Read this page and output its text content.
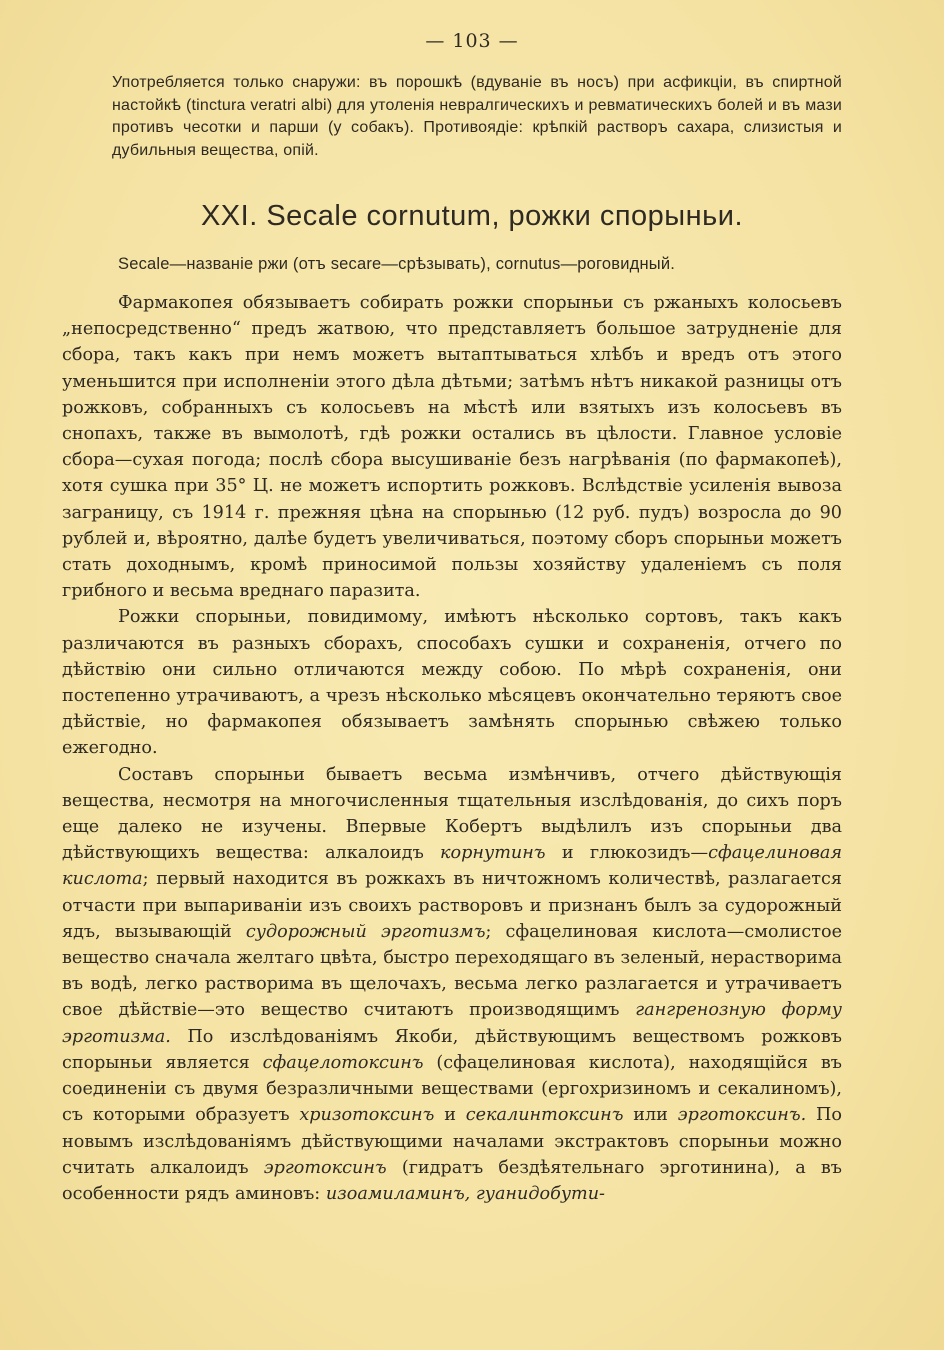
— 103 —
Употребляется только снаружи: въ порошкѣ (вдуваніе въ носъ) при асфикціи, въ спиртной настойкѣ (tinctura veratri albi) для утоленія невралгическихъ и ревматическихъ болей и въ мази противъ чесотки и парши (у собакъ). Противоядіе: крѣпкій растворъ сахара, слизистыя и дубильныя вещества, опій.
XXI. Secale cornutum, рожки спорыньи.
Secale—названіе ржи (отъ secare—срѣзывать), cornutus—роговидный.

Фармакопея обязываетъ собирать рожки спорыньи съ ржаныхъ колосьевъ „непосредственно“ предъ жатвою, что представляетъ большое затрудненіе для сбора, такъ какъ при немъ можетъ вытаптываться хлѣбъ и вредъ отъ этого уменьшится при исполненіи этого дѣла дѣтьми; затѣмъ нѣтъ никакой разницы отъ рожковъ, собранныхъ съ колосьевъ на мѣстѣ или взятыхъ изъ колосьевъ въ снопахъ, также въ вымолотѣ, гдѣ рожки остались въ цѣлости. Главное условіе сбора—сухая погода; послѣ сбора высушиваніе безъ нагрѣванія (по фармакопеѣ), хотя сушка при 35° Ц. не можетъ испортить рожковъ. Вслѣдствіе усиленія вывоза заграницу, съ 1914 г. прежняя цѣна на спорынью (12 руб. пудъ) возросла до 90 рублей и, вѣроятно, далѣе будетъ увеличиваться, поэтому сборъ спорыньи можетъ стать доходнымъ, кромѣ приносимой пользы хозяйству удаленіемъ съ поля грибного и весьма вреднаго паразита.

Рожки спорыньи, повидимому, имѣютъ нѣсколько сортовъ, такъ какъ различаются въ разныхъ сборахъ, способахъ сушки и сохраненія, отчего по дѣйствію они сильно отличаются между собою. По мѣрѣ сохраненія, они постепенно утрачиваютъ, а чрезъ нѣсколько мѣсяцевъ окончательно теряютъ свое дѣйствіе, но фармакопея обязываетъ замѣнять спорынью свѣжею только ежегодно.

Составъ спорыньи бываетъ весьма измѣнчивъ, отчего дѣйствующія вещества, несмотря на многочисленныя тщательныя изслѣдованія, до сихъ поръ еще далеко не изучены. Впервые Кобертъ выдѣлилъ изъ спорыньи два дѣйствующихъ вещества: алкалоидъ корнутинъ и глюкозидъ—сфацелиновая кислота; первый находится въ рожкахъ въ ничтожномъ количествѣ, разлагается отчасти при выпариваніи изъ своихъ растворовъ и признанъ былъ за судорожный ядъ, вызывающій судорожный эрготизмъ; сфацелиновая кислота—смолистое вещество сначала желтаго цвѣта, быстро переходящаго въ зеленый, нерастворима въ водѣ, легко растворима въ щелочахъ, весьма легко разлагается и утрачиваетъ свое дѣйствіе—это вещество считаютъ производящимъ гангренозную форму эрготизма. По изслѣдованіямъ Якоби, дѣйствующимъ веществомъ рожковъ спорыньи является сфацелотоксинъ (сфацелиновая кислота), находящійся въ соединеніи съ двумя безразличными веществами (ергохризиномъ и секалиномъ), съ которыми образуетъ хризотоксинъ и секалинтоксинъ или эрготоксинъ. По новымъ изслѣдованіямъ дѣйствующими началами экстрактовъ спорыньи можно считать алкалоидъ эрготоксинъ (гидратъ бездѣятельнаго эрготинина), а въ особенности рядъ аминовъ: изоамиламинъ, гуанидобути-
